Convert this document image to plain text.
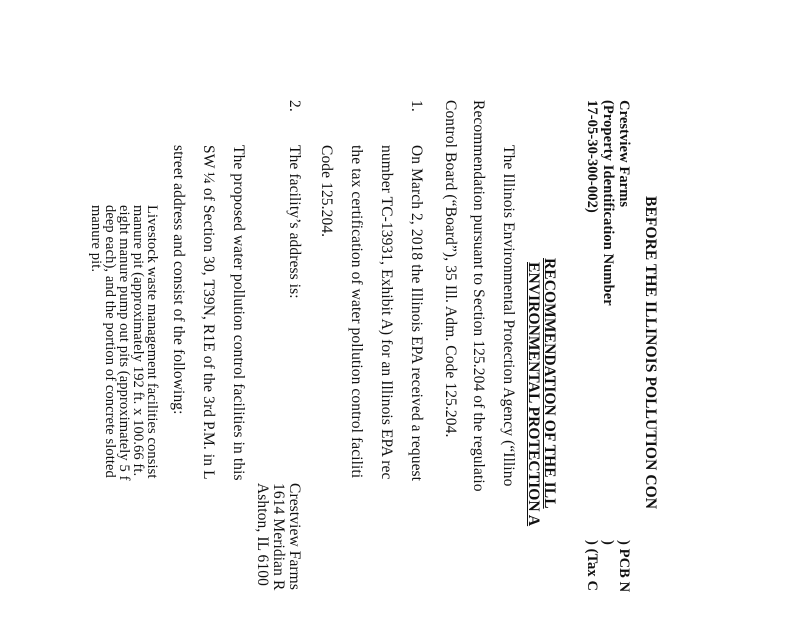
BEFORE THE ILLINOIS POLLUTION CON
Crestview Farms
(Property Identification Number
17-05-30-300-002)
) PCB N
)
) (Tax C
RECOMMENDATION OF THE ILL
ENVIRONMENTAL PROTECTION A
The Illinois Environmental Protection Agency (“Illino
Recommendation pursuant to Section 125.204 of the regulatio
Control Board (“Board”), 35 Ill. Adm. Code 125.204.
1.
On March 2, 2018 the Illinois EPA received a request
number TC-13931, Exhibit A) for an Illinois EPA rec
the tax certification of water pollution control faciliti
Code 125.204.
2.
The facility’s address is:
Crestview Farms
1614 Meridian R
Ashton, IL 6100
The proposed water pollution control facilities in this
SW ¼ of Section 30, T39N, R1E of the 3rd P.M. in L
street address and consist of the following:
Livestock waste management facilities consist
manure pit (approximately 192 ft. x 100.66 ft.
eight manure pump out pits (approximately 5 f
deep each), and the portion of concrete slotted
manure pit.
